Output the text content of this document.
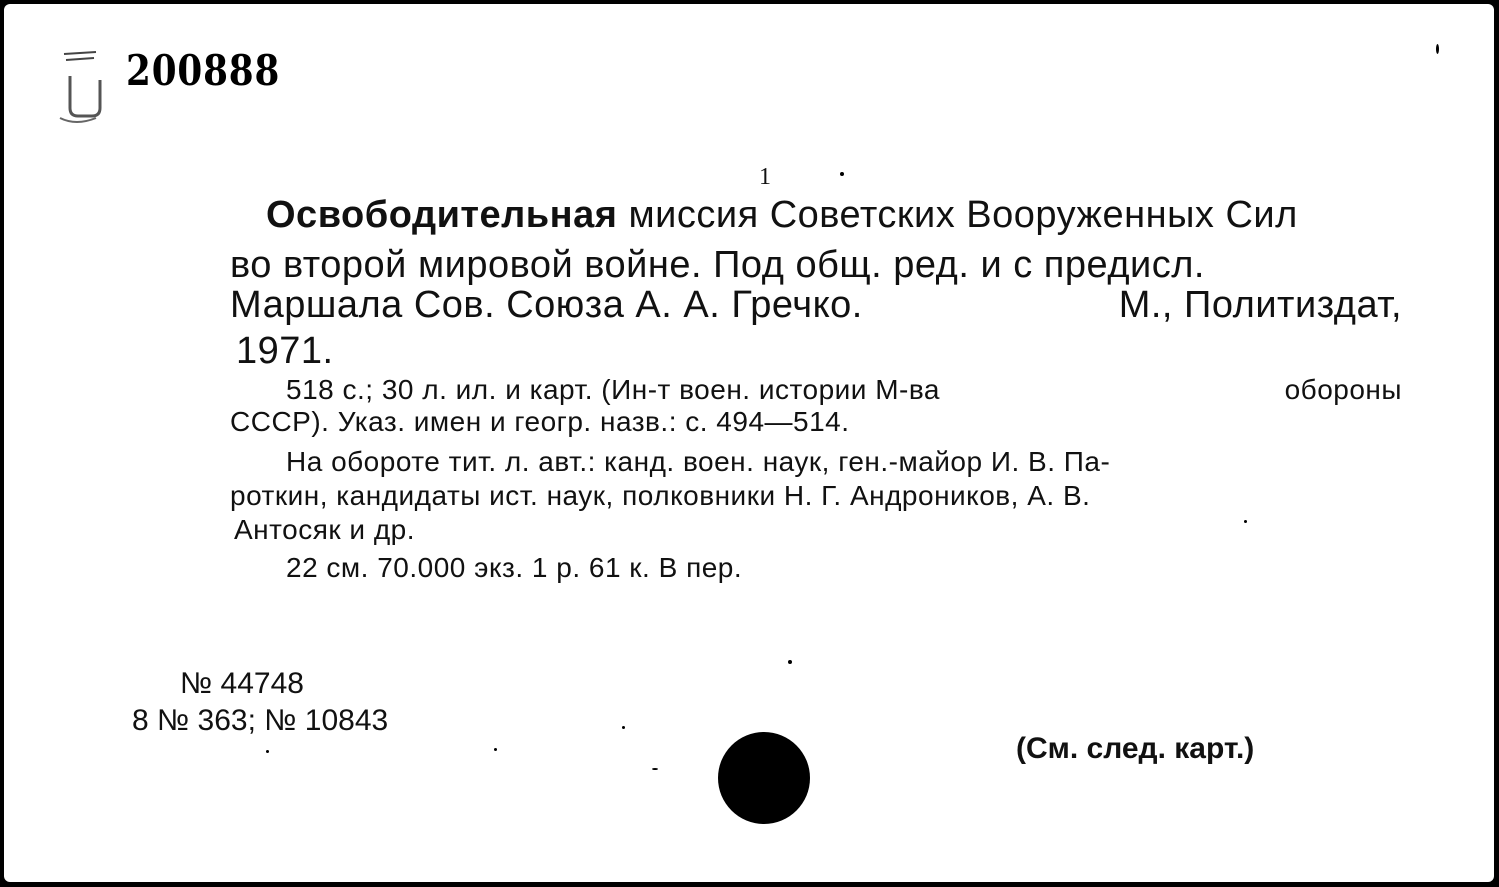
200888
1
Освободительная миссия Советских Вооруженных Сил
во второй мировой войне. Под общ. ред. и с предисл.
Маршала Сов. Союза А. А. Гречко.	М., Политиздат,
1971.
518 с.; 30 л. ил. и карт. (Ин-т воен. истории М-ва	обороны
СССР). Указ. имен и геогр. назв.: с. 494—514.
На обороте тит. л. авт.: канд. воен. наук, ген.-майор И. В. Па-
роткин, кандидаты ист. наук, полковники Н. Г. Андроников, А. В.
Антосяк и др.
22 см. 70.000 экз. 1 р. 61 к. В пер.
№ 44748
8 № 363; № 10843
(См. след. карт.)
